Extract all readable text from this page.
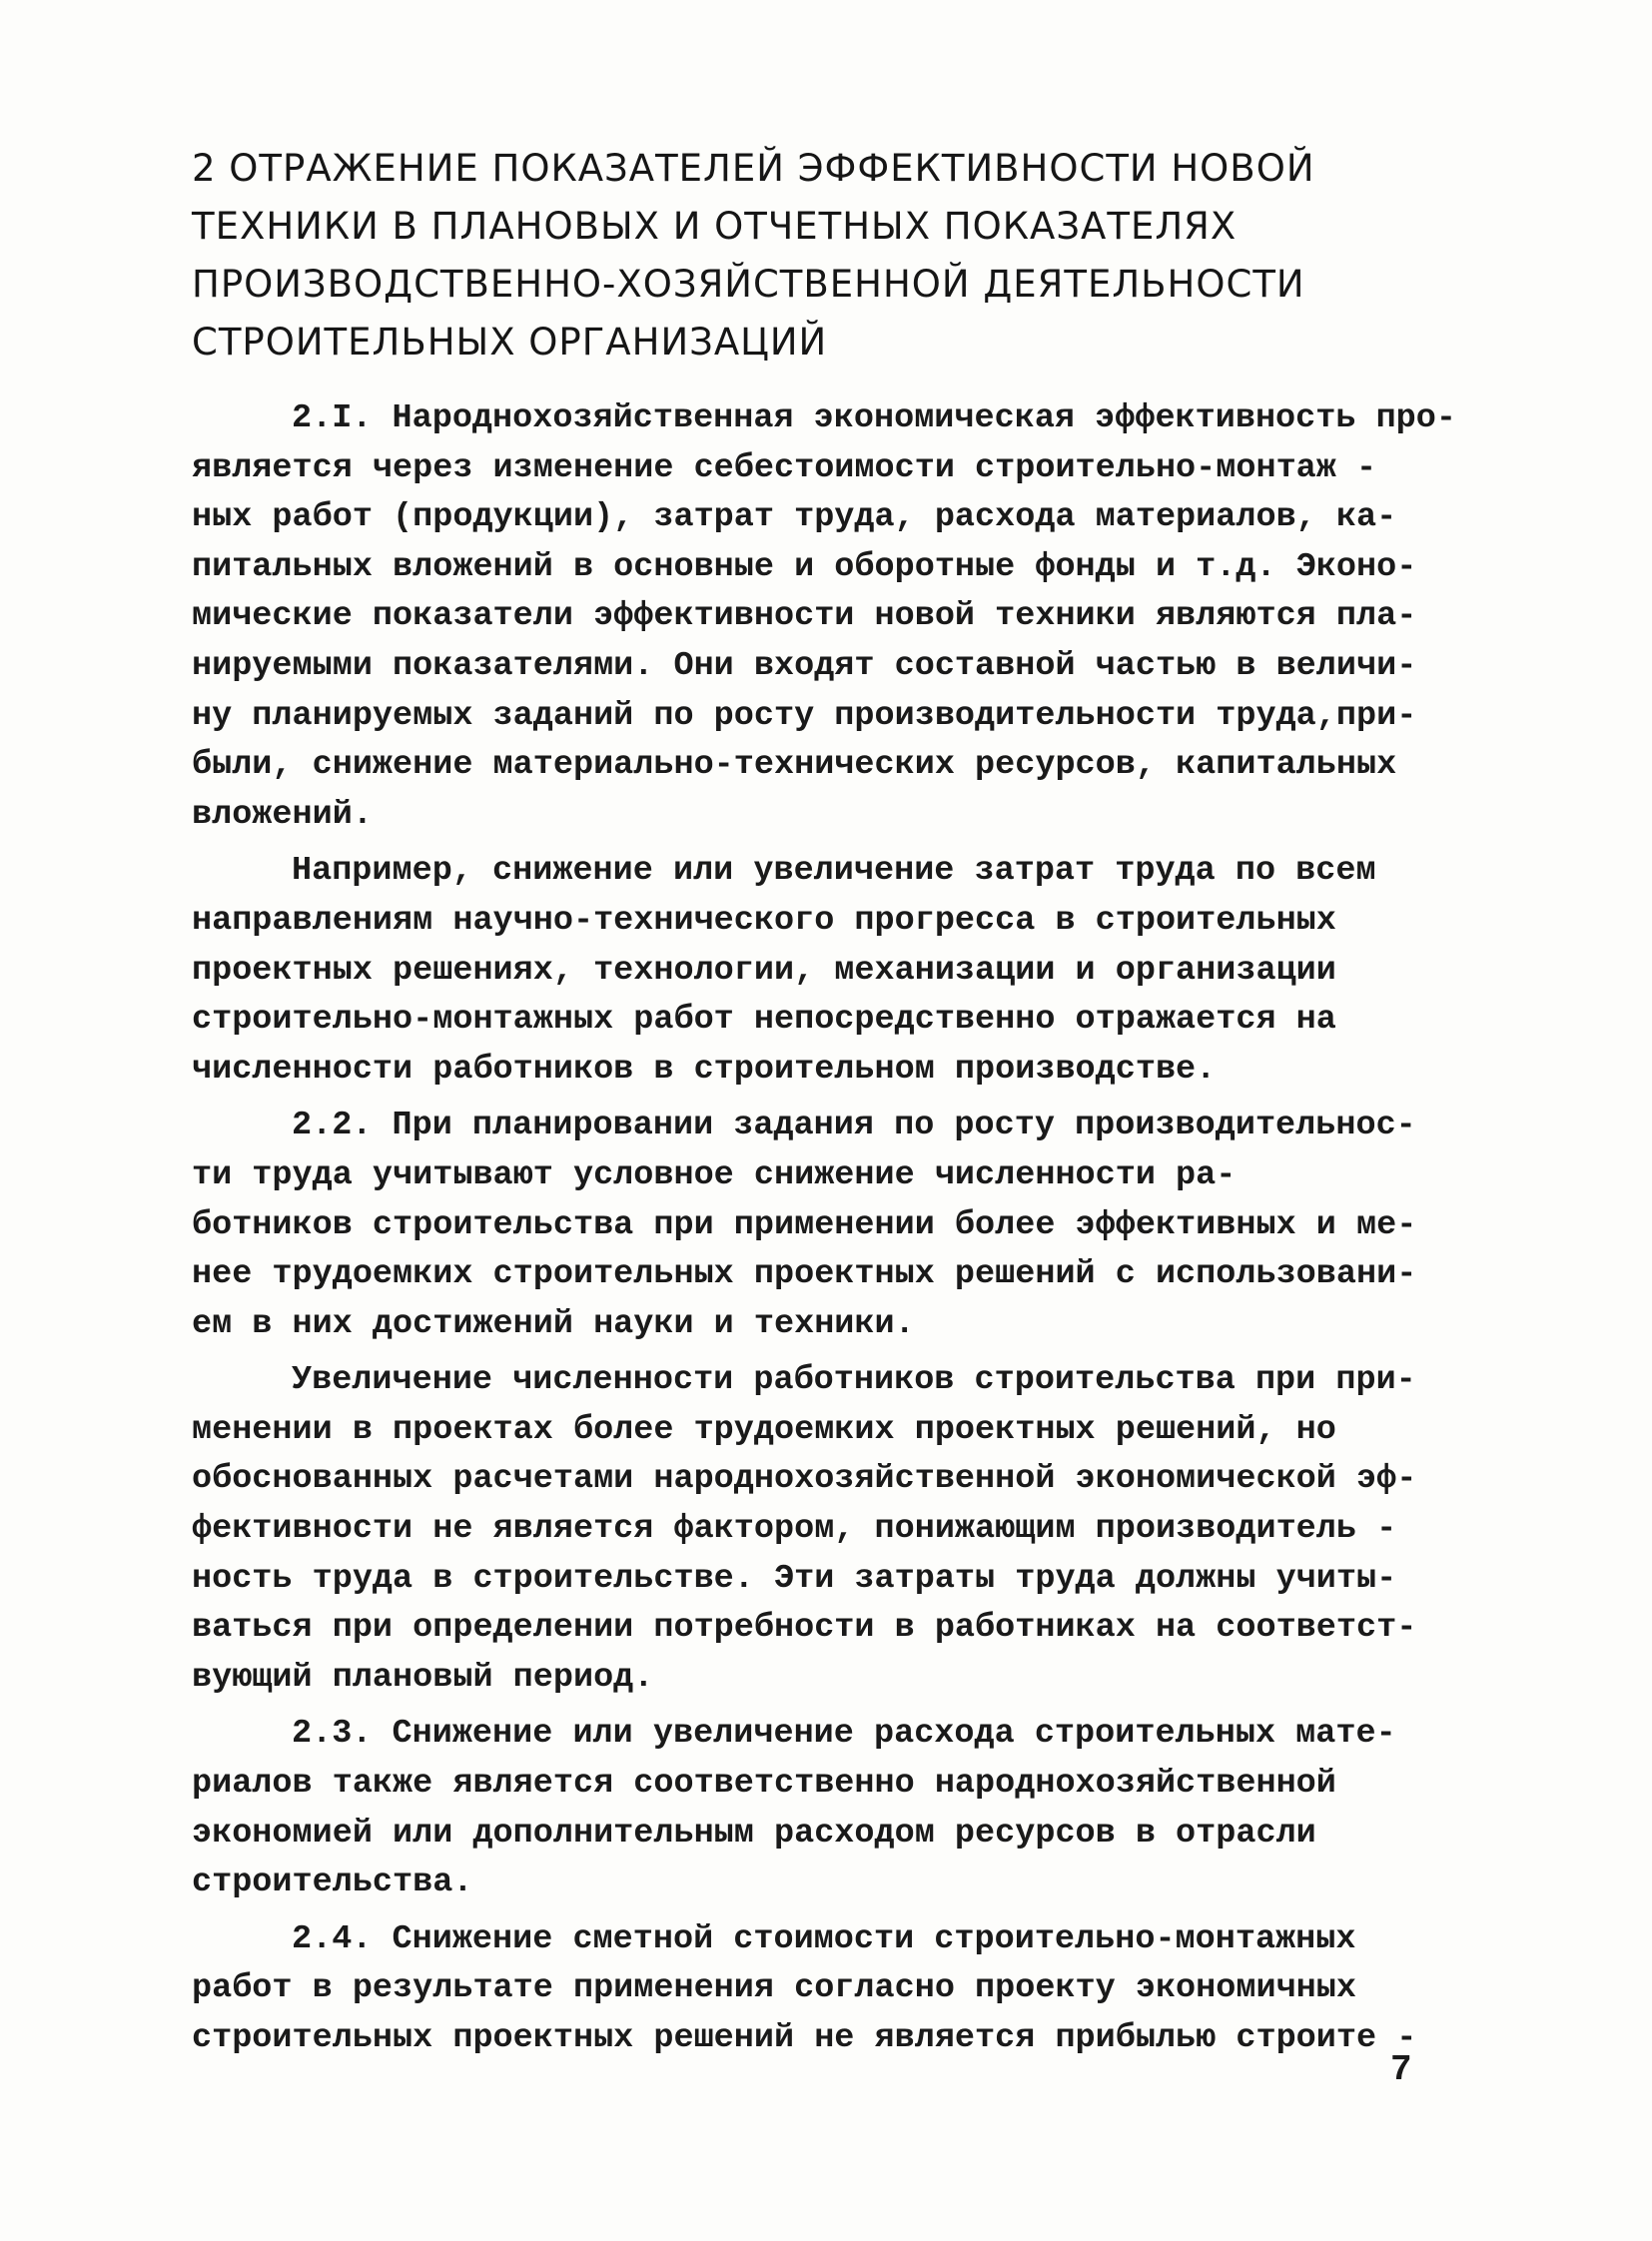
2 ОТРАЖЕНИЕ ПОКАЗАТЕЛЕЙ ЭФФЕКТИВНОСТИ НОВОЙ
ТЕХНИКИ В ПЛАНОВЫХ И ОТЧЕТНЫХ ПОКАЗАТЕЛЯХ
ПРОИЗВОДСТВЕННО-ХОЗЯЙСТВЕННОЙ ДЕЯТЕЛЬНОСТИ
СТРОИТЕЛЬНЫХ ОРГАНИЗАЦИЙ
2.I. Народнохозяйственная экономическая эффективность про-
является через изменение себестоимости строительно-монтаж -
ных работ (продукции), затрат труда, расхода материалов, ка-
питальных вложений в основные и оборотные фонды и т.д. Эконо-
мические показатели эффективности новой техники являются пла-
нируемыми показателями. Они входят составной частью в величи-
ну планируемых заданий по росту производительности труда,при-
были, снижение материально-технических ресурсов, капитальных
вложений.
Например, снижение или увеличение затрат труда по всем
направлениям научно-технического прогресса в строительных
проектных решениях, технологии, механизации и организации
строительно-монтажных работ непосредственно отражается на
численности работников в строительном производстве.
2.2. При планировании задания по росту производительнос-
ти труда учитывают условное снижение численности ра-
ботников строительства при применении более эффективных и ме-
нее трудоемких строительных проектных решений с использовани-
ем в них достижений науки и техники.
Увеличение численности работников строительства при при-
менении в проектах более трудоемких проектных решений, но
обоснованных расчетами народнохозяйственной экономической эф-
фективности не является фактором, понижающим производитель -
ность труда в строительстве. Эти затраты труда должны учиты-
ваться при определении потребности в работниках на соответст-
вующий плановый период.
2.3. Снижение или увеличение расхода строительных мате-
риалов также является соответственно народнохозяйственной
экономией или дополнительным расходом ресурсов в отрасли
строительства.
2.4. Снижение сметной стоимости строительно-монтажных
работ в результате применения согласно проекту экономичных
строительных проектных решений не является прибылью строите -
7
